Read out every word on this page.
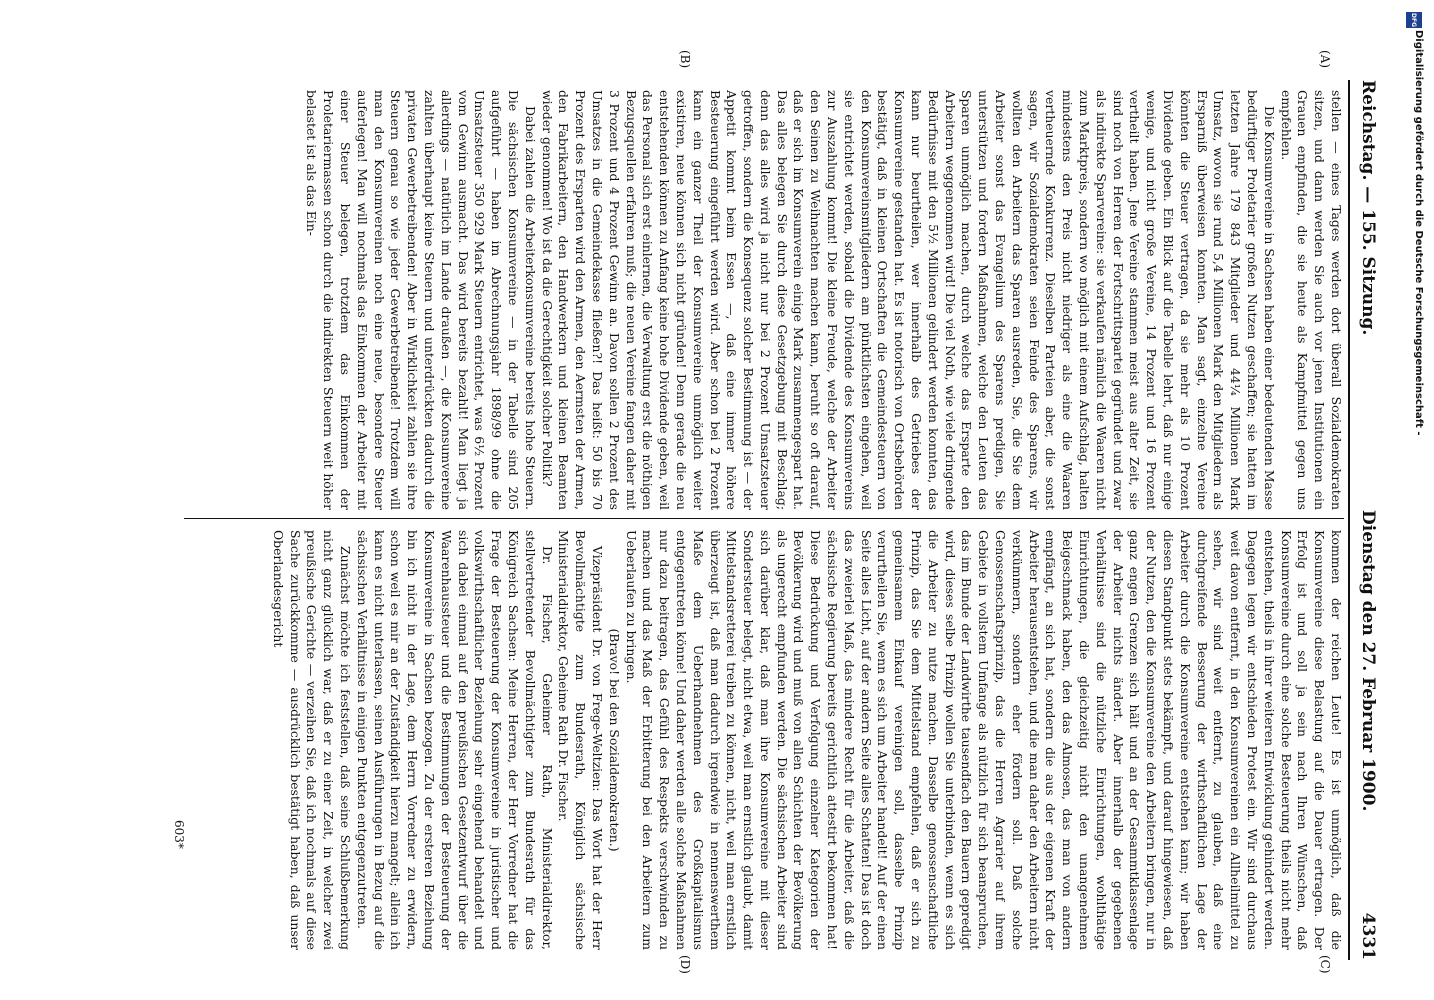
Reichstag. — 155. Sitzung.
Dienstag den 27. Februar 1900.
4331
(A)
(B)
(C)
(D)

stellen — eines Tages werden dort überall Sozialdemokraten sitzen, und dann werden Sie auch vor jenen Institutionen ein Grauen empfinden, die sie heute als Kampfmittel gegen uns empfehlen.

Die Konsumvereine in Sachsen haben einer bedeutenden Masse bedürftiger Proletarier großen Nutzen geschaffen; sie hatten im letzten Jahre 179 843 Mitglieder und 44¼ Millionen Mark Umsatz, wovon sie rund 5,4 Millionen Mark den Mitgliedern als Ersparniß überweisen konnten. Man sagt, einzelne Vereine könnten die Steuer vertragen, da sie mehr als 10 Prozent Dividende geben. Ein Blick auf die Tabelle lehrt, daß nur einige wenige, und nicht große Vereine, 14 Prozent und 16 Prozent vertheilt haben. Jene Vereine stammen meist aus alter Zeit, sie sind noch von Herren der Fortschrittspartei gegründet und zwar als indirekte Sparvereine: sie verkaufen nämlich die Waaren nicht zum Marktpreis, sondern wo möglich mit einem Aufschlag, halten mindestens den Preis nicht niedriger als eine die Waaren vertheuernde Konkurrenz. Dieselben Parteien aber, die sonst sagen, wir Sozialdemokraten seien Feinde des Sparens, wir wollten den Arbeitern das Sparen ausreden, Sie, die Sie dem Arbeiter sonst das Evangelium des Sparens predigen, Sie unterstützen und fordern Maßnahmen, welche den Leuten das Sparen unmöglich machen, durch welche das Ersparte den Arbeitern weggenommen wird! Die viel Noth, wie viele dringende Bedürfnisse mit den 5½ Millionen gelindert werden konnten, das kann nur beurtheilen, wer innerhalb des Getriebes der Konsumvereine gestanden hat. Es ist notorisch von Ortsbehörden bestätigt, daß in kleinen Ortschaften die Gemeindesteuern von den Konsumvereinsmitgliedern am pünktlichsten eingehen, weil sie entrichtet werden, sobald die Dividende des Konsumvereins zur Auszahlung kommt! Die kleine Freude, welche der Arbeiter den Seinen zu Weihnachten machen kann, beruht so oft darauf, daß er sich im Konsumverein einige Mark zusammengespart hat. Das alles belegen Sie durch diese Gesetzgebung mit Beschlag; denn das alles wird ja nicht nur bei 2 Prozent Umsatzsteuer getroffen, sondern die Konsequenz solcher Bestimmung ist — der Appetit kommt beim Essen —, daß eine immer höhere Besteuerung eingeführt werden wird. Aber schon bei 2 Prozent kann ein ganzer Theil der Konsumvereine unmöglich weiter existiren, neue können sich nicht gründen! Denn gerade die neu entstehenden können zu Anfang keine hohe Dividende geben, weil das Personal sich erst einlernen, die Verwaltung erst die nöthigen Bezugsquellen erfahren muß; die neuen Vereine fangen daher mit 3 Prozent und 4 Prozent Gewinn an. Davon sollen 2 Prozent des Umsatzes in die Gemeindekasse fließen?! Das heißt: 50 bis 70 Prozent des Ersparten wird den Armen, den Aermsten der Armen, den Fabrikarbeitern, den Handwerkern und kleinen Beamten wieder genommen! Wo ist da die Gerechtigkeit solcher Politik?

Dabei zahlen die Arbeiterkonsumvereine bereits hohe Steuern. Die sächsischen Konsumvereine — in der Tabelle sind 205 aufgeführt — haben im Abrechnungsjahr 1898/99 ohne die Umsatzsteuer 350 929 Mark Steuern entrichtet, was 6½ Prozent vom Gewinn ausmacht. Das wird bereits bezahlt! Man liegt ja allerdings — natürlich im Lande draußen —, die Konsumvereine zahlten überhaupt keine Steuern und unterdrückten dadurch die privaten Gewerbetreibenden! Aber in Wirklichkeit zahlen sie ihre Steuern genau so wie jeder Gewerbetreibende! Trotzdem will man den Konsumvereinen noch eine neue, besondere Steuer auferlegen! Man will nochmals das Einkommen der Arbeiter mit einer Steuer belegen, trotzdem das Einkommen der Proletariermassen schon durch die indirekten Steuern weit höher belastet ist als das Ein-

kommen der reichen Leute! Es ist unmöglich, daß die Konsumvereine diese Belastung auf die Dauer ertragen. Der Erfolg ist und soll ja sein nach Ihren Wünschen, daß Konsumvereine durch eine solche Besteuerung theils nicht mehr entstehen, theils in ihrer weiteren Entwicklung gehindert werden. Dagegen legen wir entschieden Protest ein. Wir sind durchaus weit davon entfernt, in den Konsumvereinen ein Allheilmittel zu sehen, wir sind weit entfernt, zu glauben, daß eine durchgreifende Besserung der wirthschaftlichen Lage der Arbeiter durch die Konsumvereine entstehen kann; wir haben diesen Standpunkt stets bekämpft, und darauf hingewiesen, daß der Nutzen, den die Konsumvereine den Arbeitern bringen, nur in ganz engen Grenzen sich hält und an der Gesammtklassenlage der Arbeiter nichts ändert. Aber innerhalb der gegebenen Verhältnisse sind die nützliche Einrichtungen, wohlthätige Einrichtungen, die gleichzeitig nicht den unangenehmen Beigeschmack haben, den das Almosen, das man von andern empfängt, an sich hat, sondern die aus der eigenen Kraft der Arbeiter herausentstehen, und die man daher den Arbeitern nicht verkümmern, sondern eher fördern soll. Daß solche Genossenschaftsprinzip, das die Herren Agrarier auf ihrem Gebiete in vollstem Umfange als nützlich für sich beanspruchen, das im Bunde der Landwirthe tausendfach den Bauern gepredigt wird, dieses selbe Prinzip wollen Sie unterbinden, wenn es sich die Arbeiter zu nutze machen. Dasselbe genossenschaftliche Prinzip, das Sie dem Mittelstand empfehlen, daß er sich zu gemeinsamem Einkauf vereinigen soll, dasselbe Prinzip verurtheilen Sie, wenn es sich um Arbeiter handelt! Auf der einen Seite alles Licht, auf der andern Seite alles Schatten! Das ist doch das zweierlei Maß, das mindere Recht für die Arbeiter, daß die sächsische Regierung bereits gerichtlich attestirt bekommen hat! Diese Bedrückung und Verfolgung einzelner Kategorien der Bevölkerung wird und muß von allen Schichten der Bevölkerung als ungerecht empfunden werden. Die sächsischen Arbeiter sind sich darüber klar, daß man ihre Konsumvereine mit dieser Sondersteuer belegt, nicht etwa, weil man ernstlich glaubt, damit Mittelstandsretterei treiben zu können, nicht, weil man ernstlich überzeugt ist, daß man dadurch irgendwie in nennenswerthem Maße dem Ueberhandnehmen des Großkapitalismus entgegentreten könne! Und daher werden alle solche Maßnahmen nur dazu beitragen, das Gefühl des Respekts verschwinden zu machen und das Maß der Erbitterung bei den Arbeitern zum Ueberlaufen zu bringen.

(Bravo! bei den Sozialdemokraten.)

Vizepräsident Dr. von Frege-Weltzien: Das Wort hat der Herr Bevollmächtigte zum Bundesrath, Königlich sächsische Ministerialdirektor, Geheime Rath Dr. Fischer.

Dr. Fischer, Geheimer Rath, Ministerialdirektor, stellvertretender Bevollmächtigter zum Bundesrath für das Königreich Sachsen: Meine Herren, der Herr Vorredner hat die Frage der Besteuerung der Konsumvereine in juristischer und volkswirthschaftlicher Beziehung sehr eingehend behandelt und sich dabei einmal auf den preußischen Gesetzentwurf über die Waarenhaussteuer und die Bestimmungen der Besteuerung der Konsumvereine in Sachsen bezogen. Zu der ersteren Beziehung bin ich nicht in der Lage, dem Herrn Vorredner zu erwidern, schon weil es mir an der Zuständigkeit hierzu mangelt; allein ich kann es nicht unterlassen, seinen Ausführungen in Bezug auf die sächsischen Verhältnisse in einigen Punkten entgegenzutreten.

Zunächst möchte ich feststellen, daß seine Schlußbemerkung nicht ganz glücklich war, daß er zu einer Zeit, in welcher zwei preußische Gerichte — verzeihen Sie, daß ich nochmals auf diese Sache zurückkomme — ausdrücklich bestätigt haben, daß unser Oberlandesgericht

603*
Digitalisierung gefördert durch die Deutsche Forschungsgemeinschaft -
DFG
